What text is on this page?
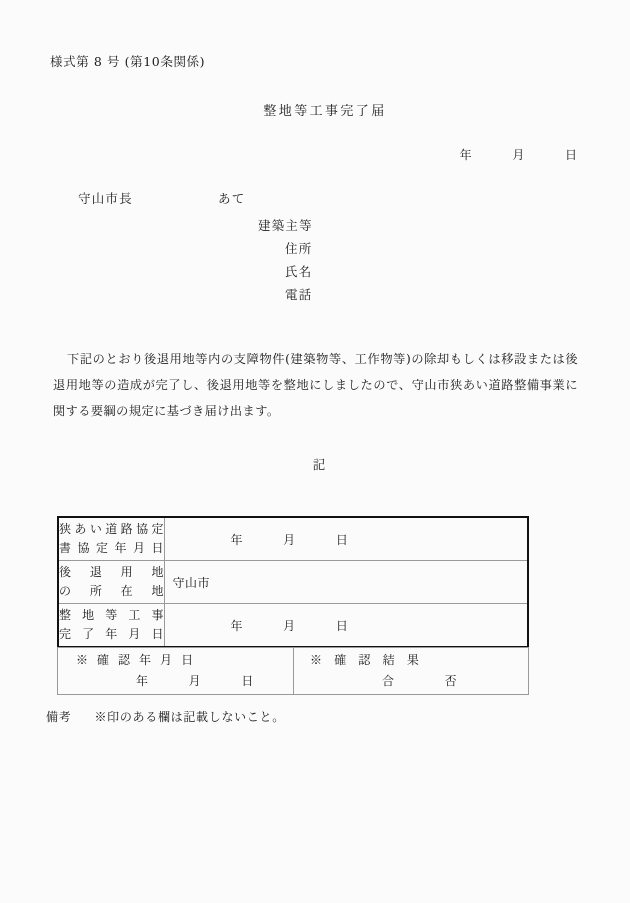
様式第 8 号 (第10条関係)
整地等工事完了届
年	月	日
守山市長	あて
建築主等
住所
氏名
電話
下記のとおり後退用地等内の支障物件(建築物等、工作物等)の除却もしくは移設または後退用地等の造成が完了し、後退用地等を整地にしましたので、守山市狭あい道路整備事業に関する要綱の規定に基づき届け出ます。
記
狭あい道路協定
書協定年月日	年 月 日

後退用地
の所在地	守山市

整地等工事
完了年月日	年 月 日
※ 確 認 年 月 日
年	月	日

※ 確 認 結 果
合	否
備考 ※印のある欄は記載しないこと。
